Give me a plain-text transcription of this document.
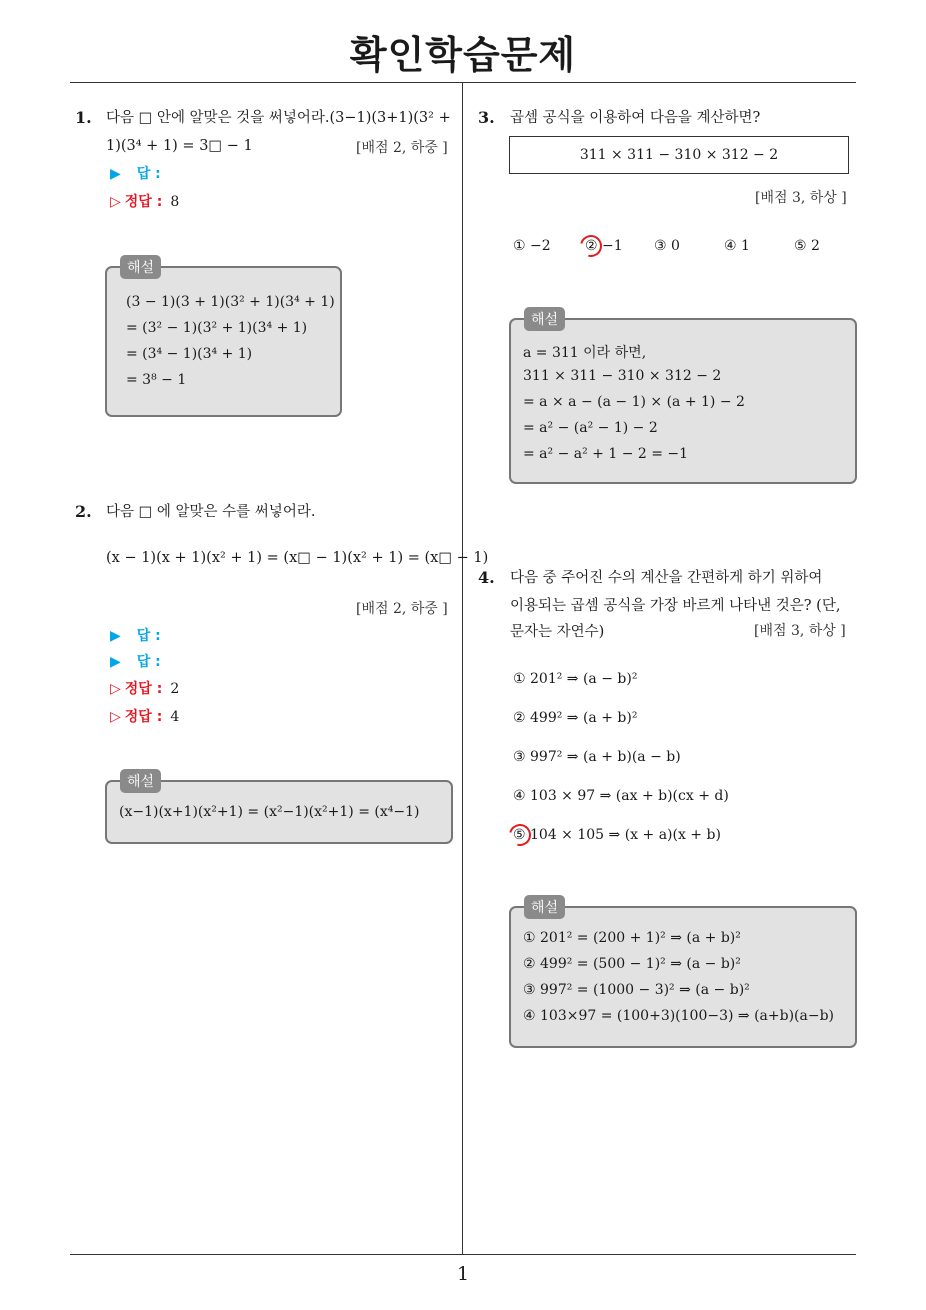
확인학습문제
1. 다음 □ 안에 알맞은 것을 써넣어라.(3−1)(3+1)(3² +
1)(3⁴ + 1) = 3□ − 1	[배점 2, 하중 ]
▶ 답 :
▷ 정답 : 8
(3 − 1)(3 + 1)(3² + 1)(3⁴ + 1)
= (3² − 1)(3² + 1)(3⁴ + 1)
= (3⁴ − 1)(3⁴ + 1)
= 3⁸ − 1
해설
2. 다음 □ 에 알맞은 수를 써넣어라.
(x − 1)(x + 1)(x² + 1) = (x□ − 1)(x² + 1) = (x□ − 1)
[배점 2, 하중 ]
▶ 답 :
▶ 답 :
▷ 정답 : 2
▷ 정답 : 4
(x−1)(x+1)(x²+1) = (x²−1)(x²+1) = (x⁴−1)
해설
3. 곱셈 공식을 이용하여 다음을 계산하면?
311 × 311 − 310 × 312 − 2
[배점 3, 하상 ]
① −2 ② −1 ③ 0	④ 1	⑤ 2
a = 311 이라 하면,
311 × 311 − 310 × 312 − 2
= a × a − (a − 1) × (a + 1) − 2
= a² − (a² − 1) − 2
= a² − a² + 1 − 2 = −1
해설
4. 다음 중 주어진 수의 계산을 간편하게 하기 위하여
이용되는 곱셈 공식을 가장 바르게 나타낸 것은? (단,
문자는 자연수)	[배점 3, 하상 ]
① 201² ⇒ (a − b)²
② 499² ⇒ (a + b)²
③ 997² ⇒ (a + b)(a − b)
④ 103 × 97 ⇒ (ax + b)(cx + d)
⑤ 104 × 105 ⇒ (x + a)(x + b)
① 201² = (200 + 1)² ⇒ (a + b)²
② 499² = (500 − 1)² ⇒ (a − b)²
③ 997² = (1000 − 3)² ⇒ (a − b)²
④ 103×97 = (100+3)(100−3) ⇒ (a+b)(a−b)
해설
1
